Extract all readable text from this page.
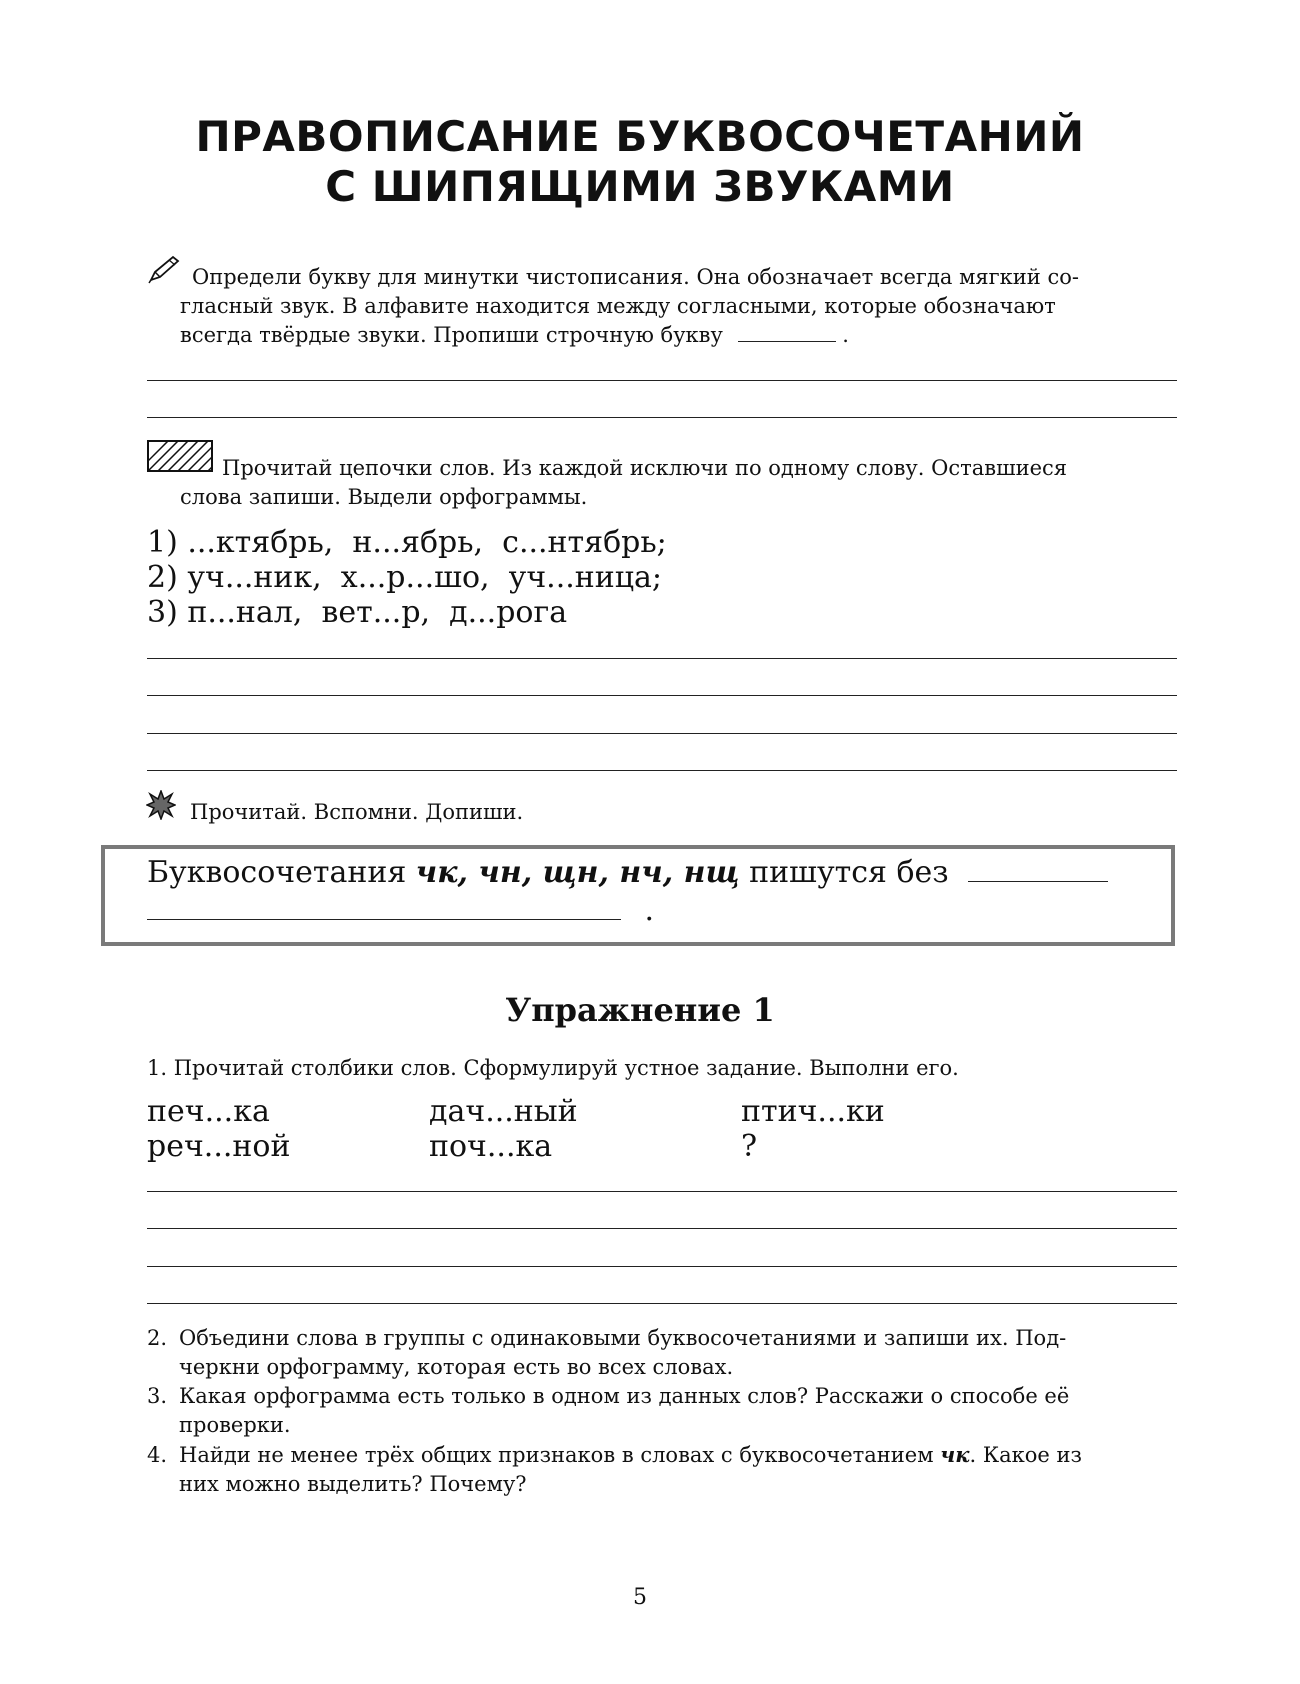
ПРАВОПИСАНИЕ БУКВОСОЧЕТАНИЙ
С ШИПЯЩИМИ ЗВУКАМИ
Определи букву для минутки чистописания. Она обозначает всегда мягкий со-
гласный звук. В алфавите находится между согласными, которые обозначают
всегда твёрдые звуки. Пропиши строчную букву	.
Прочитай цепочки слов. Из каждой исключи по одному слову. Оставшиеся
слова запиши. Выдели орфограммы.
1) ...ктябрь,  н...ябрь,  с...нтябрь;
2) уч...ник,  х...р...шо,  уч...ница;
3) п...нал,  вет...р,  д...рога
Прочитай. Вспомни. Допиши.
Буквосочетания чк, чн, щн, нч, нщ пишутся без
.
Упражнение 1
1. Прочитай столбики слов. Сформулируй устное задание. Выполни его.
печ...ка
реч...ной
дач...ный
поч...ка
птич...ки
?
2. Объедини слова в группы с одинаковыми буквосочетаниями и запиши их. Под-
черкни орфограмму, которая есть во всех словах.
3. Какая орфограмма есть только в одном из данных слов? Расскажи о способе её
проверки.
4. Найди не менее трёх общих признаков в словах с буквосочетанием чк. Какое из
них можно выделить? Почему?
5
